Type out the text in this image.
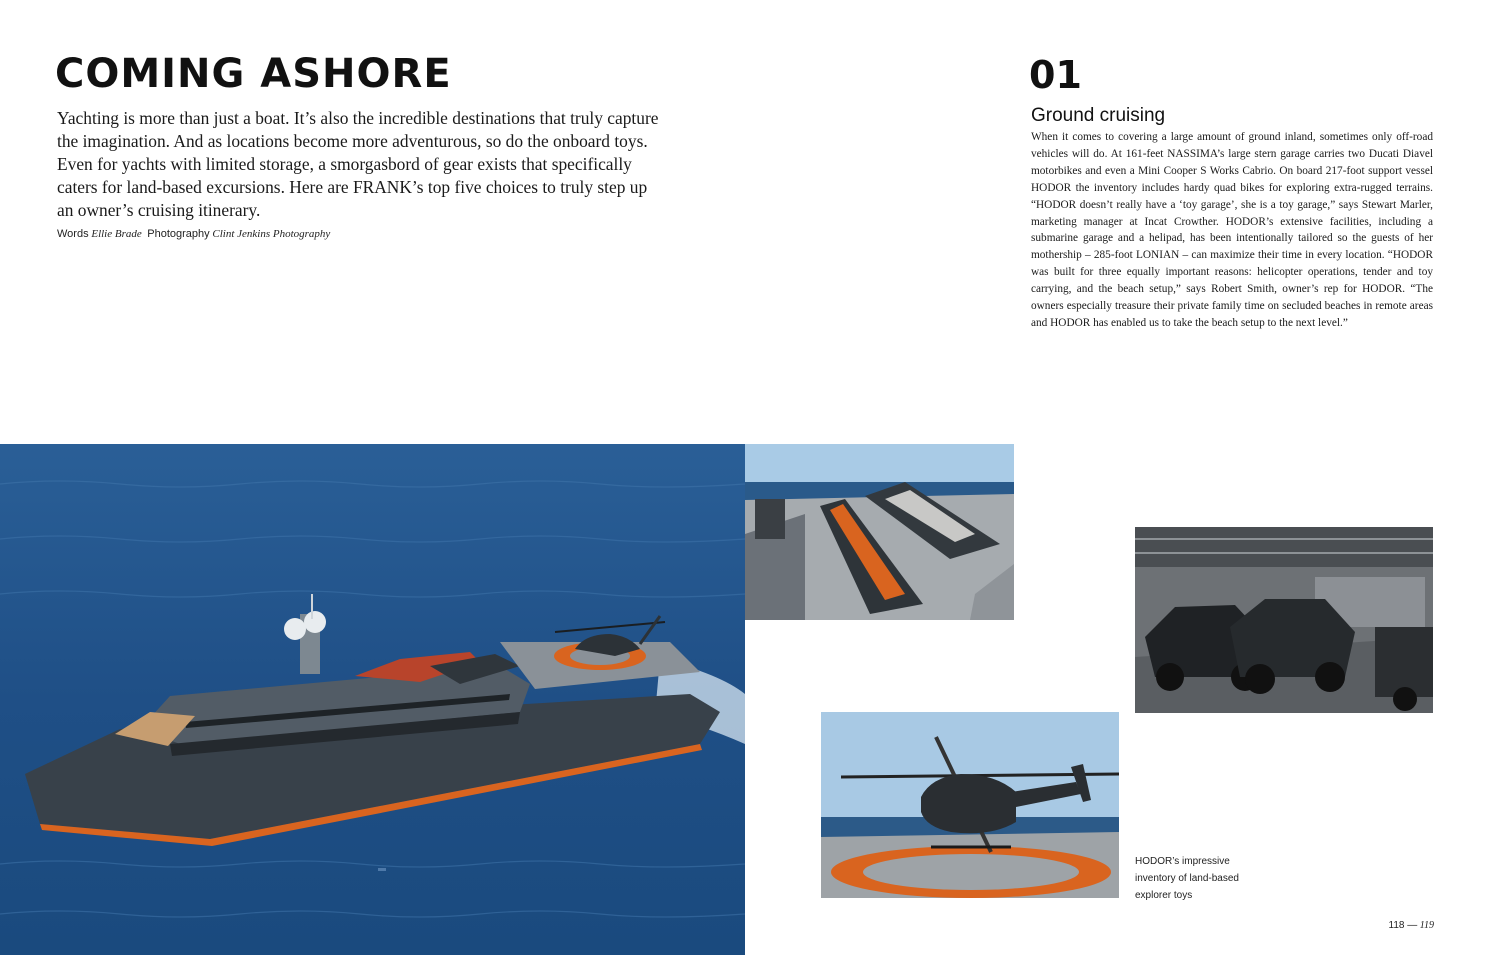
COMING ASHORE

Yachting is more than just a boat. It’s also the incredible destinations that truly capture the imagination. And as locations become more adventurous, so do the onboard toys. Even for yachts with limited storage, a smorgasbord of gear exists that specifically caters for land-based excursions. Here are FRANK’s top five choices to truly step up an owner’s cruising itinerary.

Words Ellie Brade Photography Clint Jenkins Photography
01
Ground cruising

When it comes to covering a large amount of ground inland, sometimes only off-road vehicles will do. At 161-feet NASSIMA’s large stern garage carries two Ducati Diavel motorbikes and even a Mini Cooper S Works Cabrio. On board 217-foot support vessel HODOR the inventory includes hardy quad bikes for exploring extra-rugged terrains. “HODOR doesn’t really have a ‘toy garage’, she is a toy garage,” says Stewart Marler, marketing manager at Incat Crowther. HODOR’s extensive facilities, including a submarine garage and a helipad, has been intentionally tailored so the guests of her mothership – 285-foot LONIAN – can maximize their time in every location. “HODOR was built for three equally important reasons: helicopter operations, tender and toy carrying, and the beach setup,” says Robert Smith, owner’s rep for HODOR. “The owners especially treasure their private family time on secluded beaches in remote areas and HODOR has enabled us to take the beach setup to the next level.”

HODOR’s impressive inventory of land-based explorer toys

118 — 119
